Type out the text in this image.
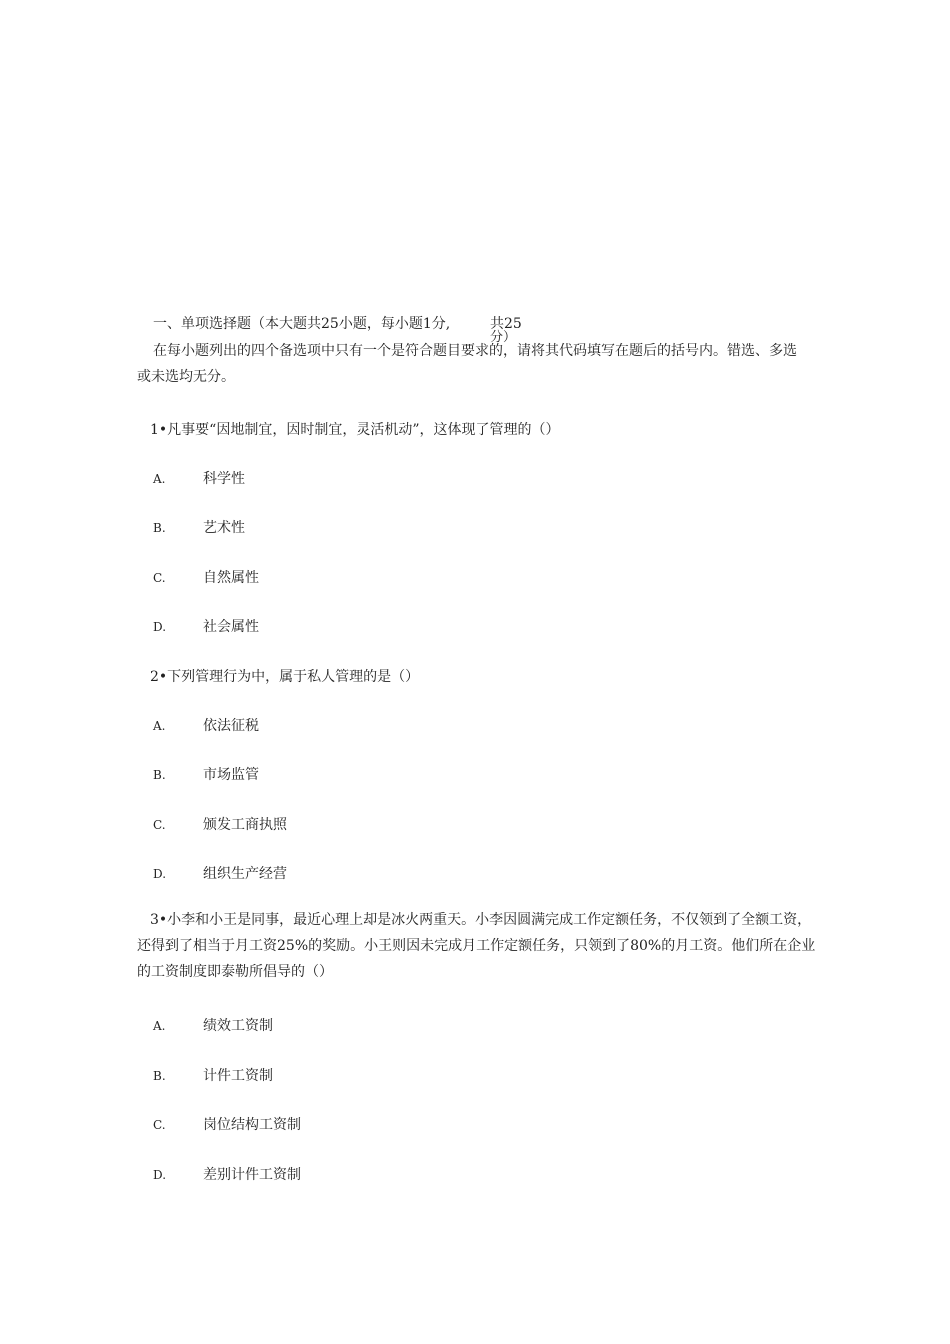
一、单项选择题（本大题共25小题，每小题1分,	共25
分）
在每小题列出的四个备选项中只有一个是符合题目要求的，请将其代码填写在题后的括号内。错选、多选
或未选均无分。
1•凡事要“因地制宜，因时制宜，灵活机动”，这体现了管理的（）
A.	科学性
B.	艺术性
C.	自然属性
D.	社会属性
2•下列管理行为中，属于私人管理的是（）
A.	依法征税
B.	市场监管
C.	颁发工商执照
D.	组织生产经营
3•小李和小王是同事，最近心理上却是冰火两重天。小李因圆满完成工作定额任务，不仅领到了全额工资，
还得到了相当于月工资25%的奖励。小王则因未完成月工作定额任务，只领到了80%的月工资。他们所在企业
的工资制度即泰勒所倡导的（）
A.	绩效工资制
B.	计件工资制
C.	岗位结构工资制
D.	差别计件工资制
